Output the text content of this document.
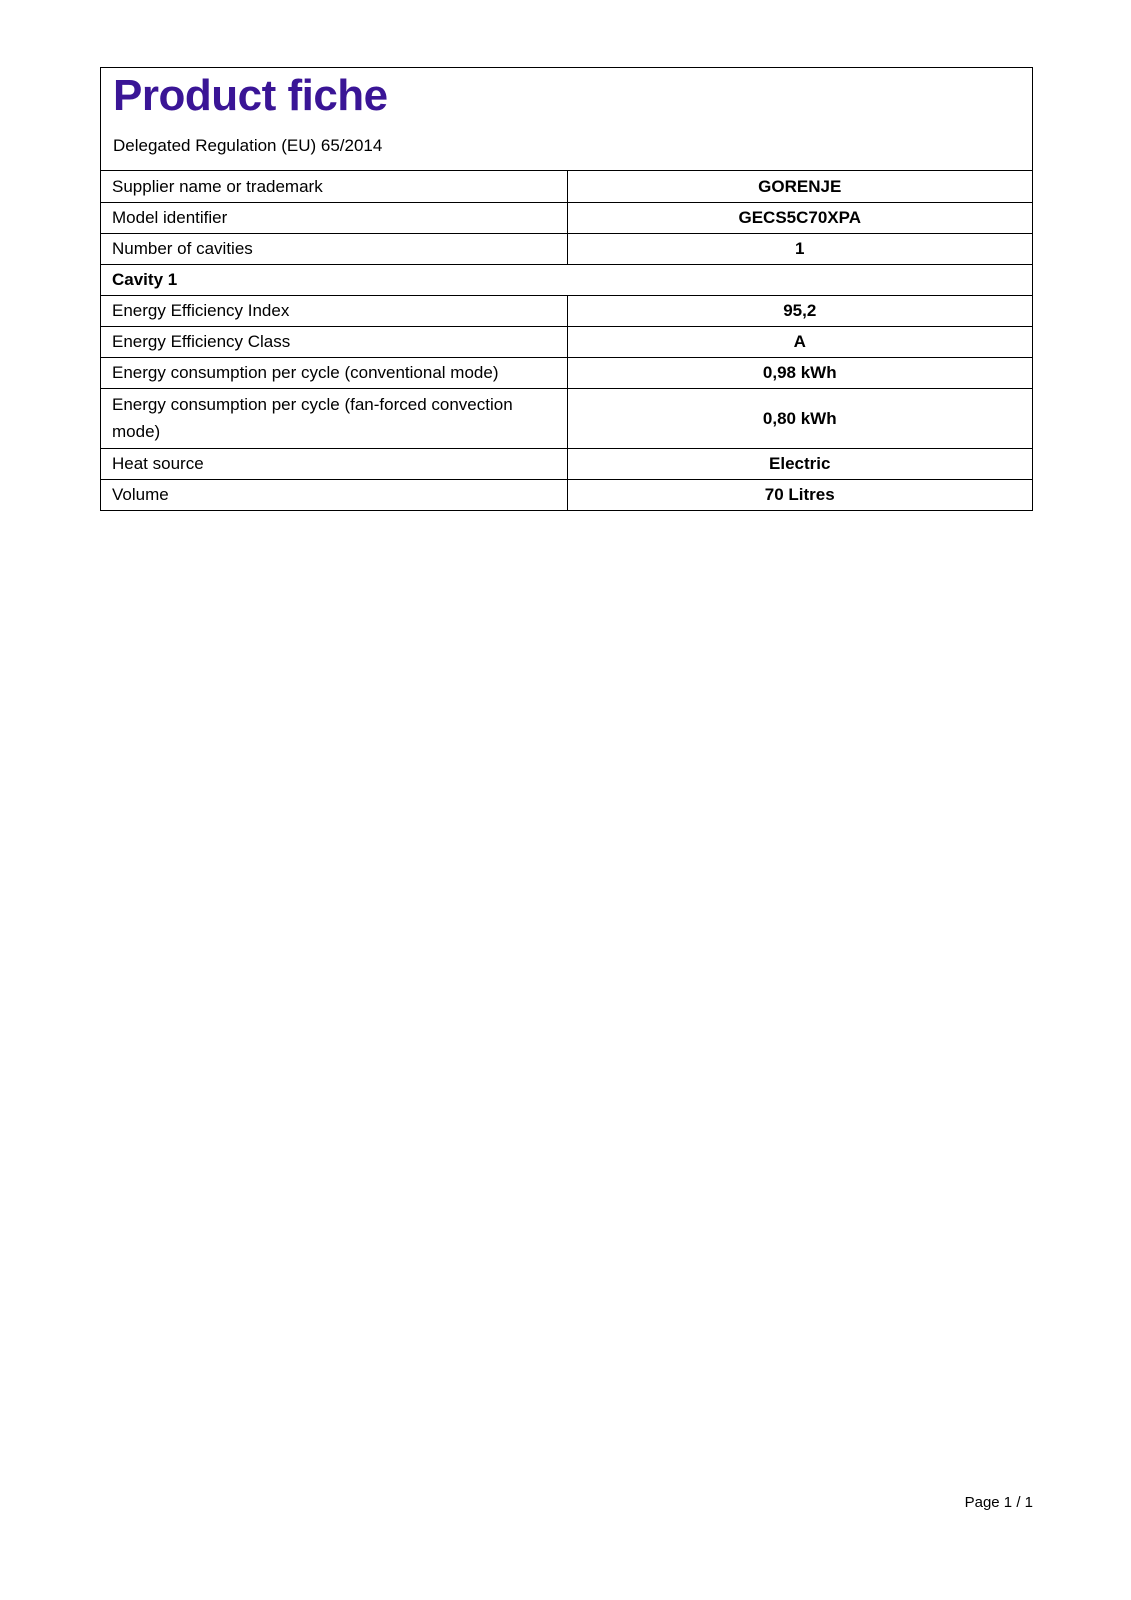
Product fiche
Delegated Regulation (EU) 65/2014
Supplier name or trademark	GORENJE
Model identifier	GECS5C70XPA
Number of cavities	1
Cavity 1	
Energy Efficiency Index	95,2
Energy Efficiency Class	A
Energy consumption per cycle (conventional mode)	0,98 kWh
Energy consumption per cycle (fan-forced convection mode)	0,80 kWh
Heat source	Electric
Volume	70 Litres
Page 1 / 1
